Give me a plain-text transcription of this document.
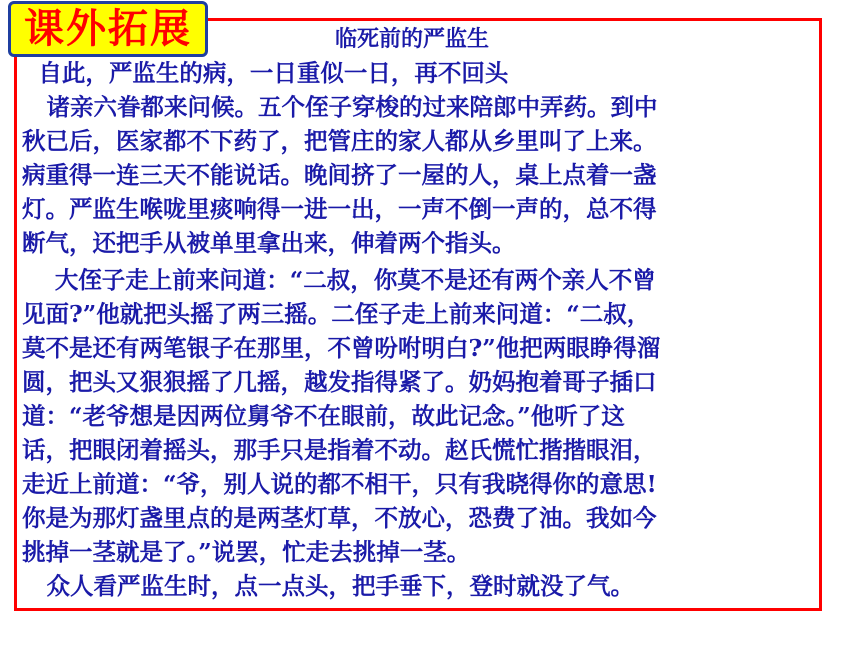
课外拓展	临死前的严监生
自此，严监生的病，一日重似一日，再不回头
诸亲六眷都来问候。五个侄子穿梭的过来陪郎中弄药。到中
秋已后，医家都不下药了，把管庄的家人都从乡里叫了上来。
病重得一连三天不能说话。晚间挤了一屋的人，桌上点着一盏
灯。严监生喉咙里痰响得一进一出，一声不倒一声的，总不得
断气，还把手从被单里拿出来，伸着两个指头。
大侄子走上前来问道：“二叔，你莫不是还有两个亲人不曾
见面?”他就把头摇了两三摇。二侄子走上前来问道：“二叔，
莫不是还有两笔银子在那里，不曾吩咐明白?”他把两眼睁得溜
圆，把头又狠狠摇了几摇，越发指得紧了。奶妈抱着哥子插口
道：“老爷想是因两位舅爷不在眼前，故此记念。”他听了这
话，把眼闭着摇头，那手只是指着不动。赵氏慌忙揩揩眼泪，
走近上前道：“爷，别人说的都不相干，只有我晓得你的意思!
你是为那灯盏里点的是两茎灯草，不放心，恐费了油。我如今
挑掉一茎就是了。”说罢，忙走去挑掉一茎。
众人看严监生时，点一点头，把手垂下，登时就没了气。
